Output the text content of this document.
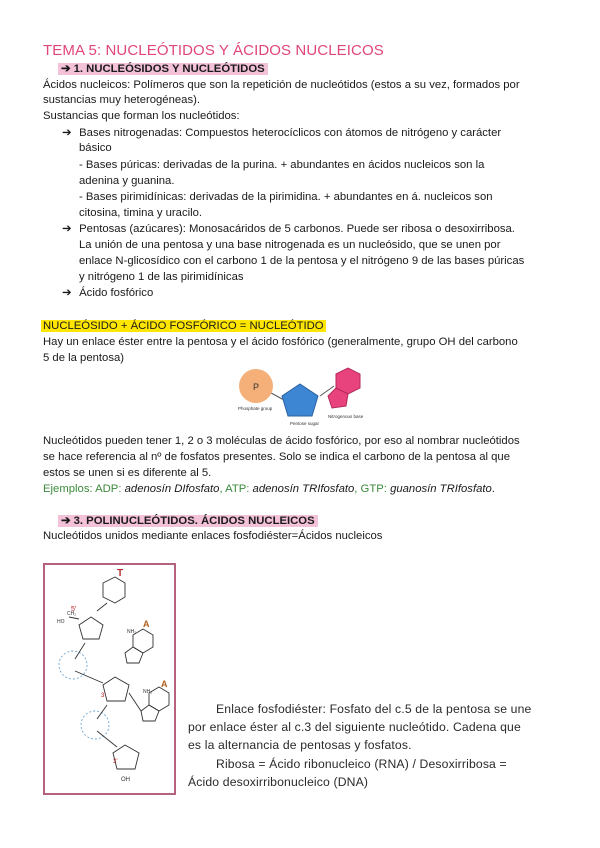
TEMA 5: NUCLEÓTIDOS Y ÁCIDOS NUCLEICOS
➔ 1. NUCLEÓSIDOS Y NUCLEÓTIDOS
Ácidos nucleicos: Polímeros que son la repetición de nucleótidos (estos a su vez, formados por
sustancias muy heterogéneas).
Sustancias que forman los nucleótidos:
➔ Bases nitrogenadas: Compuestos heterocíclicos con átomos de nitrógeno y carácter
básico
- Bases púricas: derivadas de la purina. + abundantes en ácidos nucleicos son la
adenina y guanina.
- Bases pirimidínicas: derivadas de la pirimidina. + abundantes en á. nucleicos son
citosina, timina y uracilo.
➔ Pentosas (azúcares): Monosacáridos de 5 carbonos. Puede ser ribosa o desoxirribosa.
La unión de una pentosa y una base nitrogenada es un nucleósido, que se unen por
enlace N-glicosídico con el carbono 1 de la pentosa y el nitrógeno 9 de las bases púricas
y nitrógeno 1 de las pirimidínicas
➔ Ácido fosfórico
NUCLEÓSIDO + ÁCIDO FOSFÓRICO = NUCLEÓTIDO
Hay un enlace éster entre la pentosa y el ácido fosfórico (generalmente, grupo OH del carbono
5 de la pentosa)
P
Phosphate group
Pentose sugar
Nitrogenous base
Nucleótidos pueden tener 1, 2 o 3 moléculas de ácido fosfórico, por eso al nombrar nucleótidos
se hace referencia al nº de fosfatos presentes. Solo se indica el carbono de la pentosa al que
estos se unen si es diferente al 5.
Ejemplos: ADP: adenosín DIfosfato, ATP: adenosín TRIfosfato, GTP: guanosín TRIfosfato.
➔ 3. POLINUCLEÓTIDOS. ÁCIDOS NUCLEICOS
Nucleótidos unidos mediante enlaces fosfodiéster=Ácidos nucleicos
T
A
A
5'
HO
CH₂
NH₂
NH₂
3'
3'
OH
Enlace fosfodiéster: Fosfato del c.5 de la pentosa se une
por enlace éster al c.3 del siguiente nucleótido. Cadena que
es la alternancia de pentosas y fosfatos.
Ribosa = Ácido ribonucleico (RNA) / Desoxirribosa =
Ácido desoxirribonucleico (DNA)
